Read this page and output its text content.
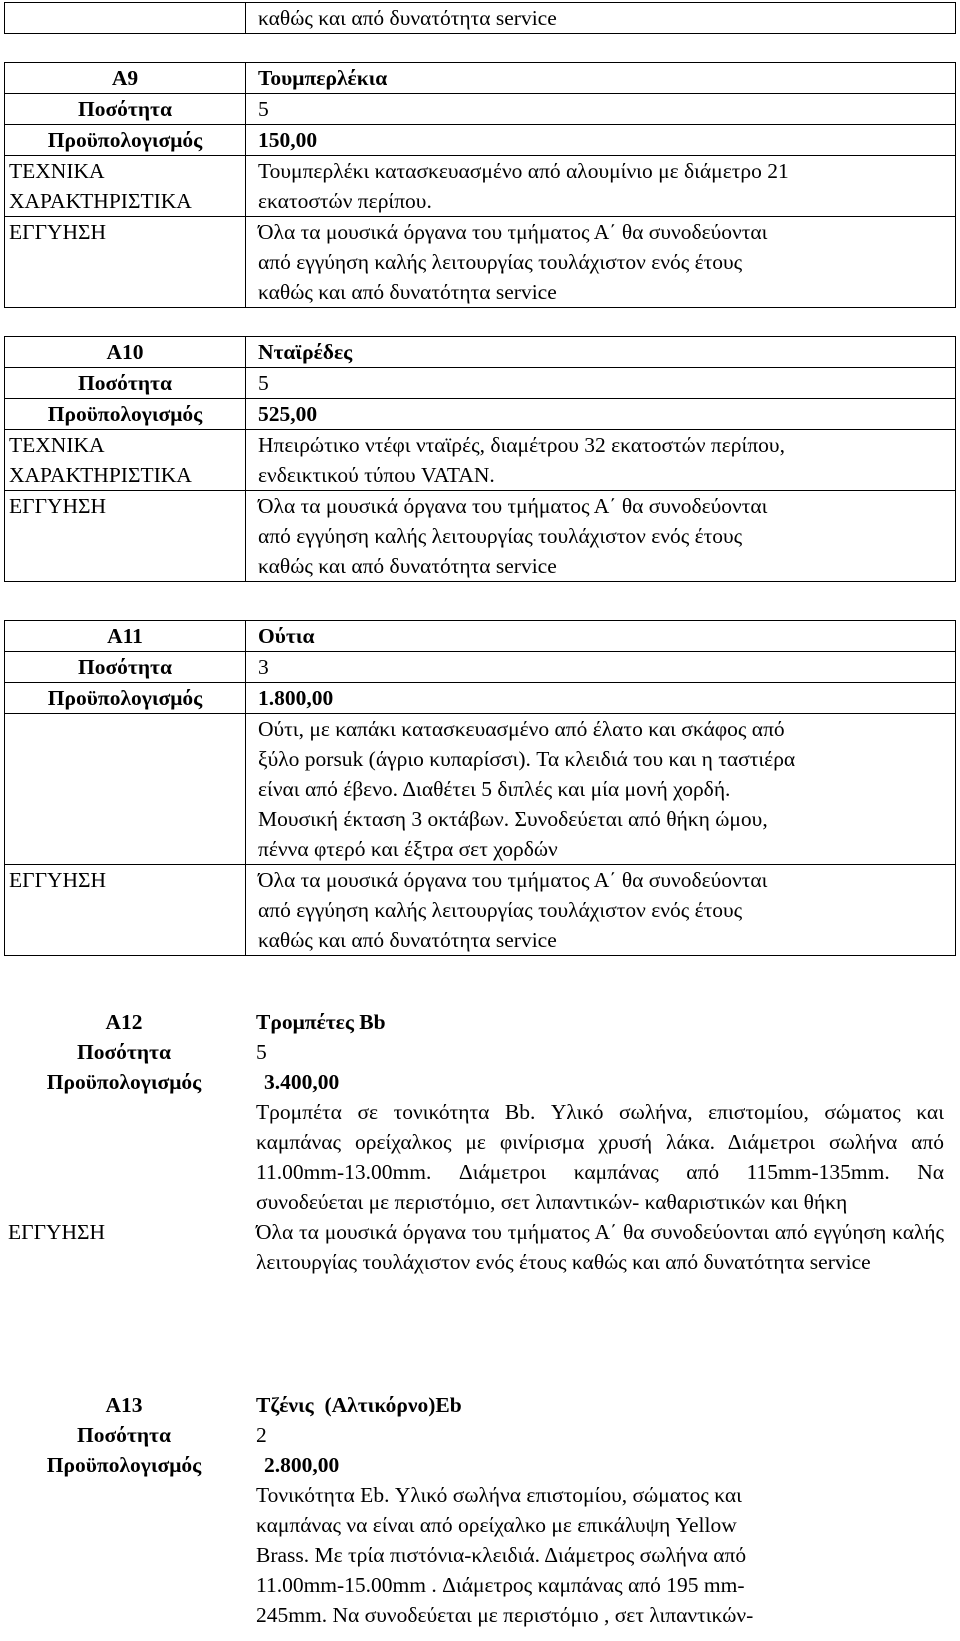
	καθώς και από δυνατότητα service
Α9	Τουμπερλέκια
Ποσότητα	5
Προϋπολογισμός	150,00
ΤΕΧΝΙΚΑ
ΧΑΡΑΚΤΗΡΙΣΤΙΚΑ	Τουμπερλέκι κατασκευασμένο από αλουμίνιο με διάμετρο 21
εκατοστών περίπου.
ΕΓΓΥΗΣΗ	Όλα τα μουσικά όργανα του τμήματος Α΄ θα συνοδεύονται
από εγγύηση καλής λειτουργίας τουλάχιστον ενός έτους
καθώς και από δυνατότητα service
Α10	Νταϊρέδες
Ποσότητα	5
Προϋπολογισμός	525,00
ΤΕΧΝΙΚΑ
ΧΑΡΑΚΤΗΡΙΣΤΙΚΑ	Ηπειρώτικο ντέφι νταϊρές, διαμέτρου 32 εκατοστών περίπου,
ενδεικτικού τύπου VATAN.
ΕΓΓΥΗΣΗ	Όλα τα μουσικά όργανα του τμήματος Α΄ θα συνοδεύονται
από εγγύηση καλής λειτουργίας τουλάχιστον ενός έτους
καθώς και από δυνατότητα service
Α11	Ούτια
Ποσότητα	3
Προϋπολογισμός	1.800,00
	Ούτι, με καπάκι κατασκευασμένο από έλατο και σκάφος από
ξύλο porsuk (άγριο κυπαρίσσι). Τα κλειδιά του και η ταστιέρα
είναι από έβενο. Διαθέτει 5 διπλές και μία μονή χορδή.
Μουσική έκταση 3 οκτάβων. Συνοδεύεται από θήκη ώμου,
πέννα φτερό και έξτρα σετ χορδών
ΕΓΓΥΗΣΗ	Όλα τα μουσικά όργανα του τμήματος Α΄ θα συνοδεύονται
από εγγύηση καλής λειτουργίας τουλάχιστον ενός έτους
καθώς και από δυνατότητα service
Α12	Τρομπέτες Bb
Ποσότητα	5
Προϋπολογισμός	3.400,00
	Τρομπέτα σε τονικότητα Bb. Υλικό σωλήνα, επιστομίου, σώματος και καμπάνας ορείχαλκος με φινίρισμα χρυσή λάκα. Διάμετροι σωλήνα από 11.00mm-13.00mm. Διάμετροι καμπάνας από 115mm-135mm. Να συνοδεύεται με περιστόμιο, σετ λιπαντικών- καθαριστικών και θήκη
ΕΓΓΥΗΣΗ	Όλα τα μουσικά όργανα του τμήματος Α΄ θα συνοδεύονται από εγγύηση καλής λειτουργίας τουλάχιστον ενός έτους καθώς και από δυνατότητα service
Α13	Τζένις  (Αλτικόρνο)Eb
Ποσότητα	2
Προϋπολογισμός	2.800,00
	Τονικότητα Eb. Υλικό σωλήνα επιστομίου, σώματος και
καμπάνας να είναι από ορείχαλκο με επικάλυψη Yellow
Brass. Με τρία πιστόνια-κλειδιά. Διάμετρος σωλήνα από
11.00mm-15.00mm . Διάμετρος καμπάνας από 195 mm-
245mm. Να συνοδεύεται με περιστόμιο , σετ λιπαντικών-
